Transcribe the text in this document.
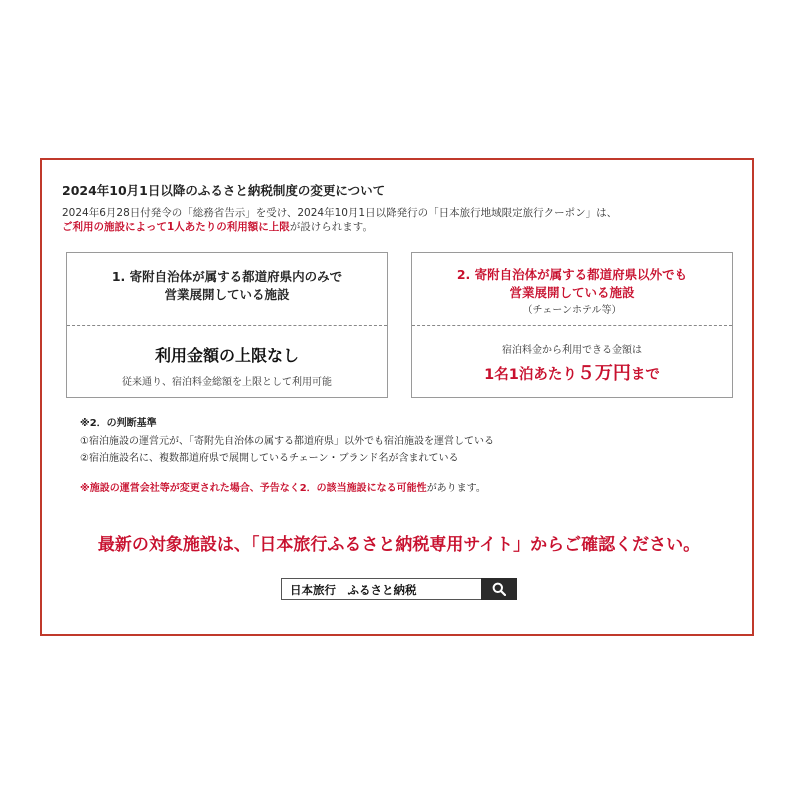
2024年10月1日以降のふるさと納税制度の変更について
2024年6月28日付発令の「総務省告示」を受け、2024年10月1日以降発行の「日本旅行地域限定旅行クーポン」は、
ご利用の施設によって1人あたりの利用額に上限が設けられます。
1. 寄附自治体が属する都道府県内のみで
営業展開している施設
利用金額の上限なし
従来通り、宿泊料金総額を上限として利用可能
2. 寄附自治体が属する都道府県以外でも
営業展開している施設
（チェーンホテル等）
宿泊料金から利用できる金額は
1名1泊あたり５万円まで
※2．の判断基準
①宿泊施設の運営元が、「寄附先自治体の属する都道府県」以外でも宿泊施設を運営している
②宿泊施設名に、複数都道府県で展開しているチェーン・ブランド名が含まれている
※施設の運営会社等が変更された場合、予告なく2．の該当施設になる可能性があります。
最新の対象施設は、「日本旅行ふるさと納税専用サイト」からご確認ください。
日本旅行　ふるさと納税
